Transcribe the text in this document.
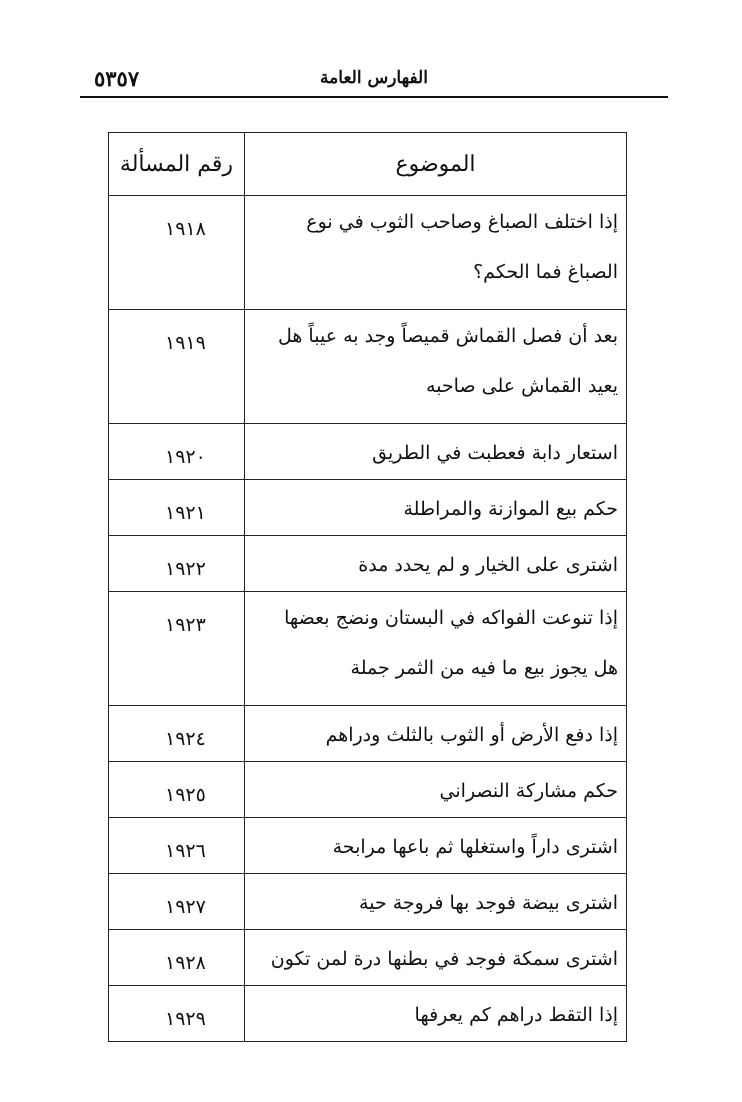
الفهارس العامة
٥٣٥٧
الموضوع	رقم المسألة

إذا اختلف الصباغ وصاحب الثوب في نوع
الصباغ فما الحكم؟	١٩١٨

بعد أن فصل القماش قميصاً وجد به عيباً هل
يعيد القماش على صاحبه	١٩١٩

استعار دابة فعطبت في الطريق	١٩٢٠

حكم بيع الموازنة والمراطلة	١٩٢١

اشترى على الخيار و لم يحدد مدة	١٩٢٢

إذا تنوعت الفواكه في البستان ونضج بعضها
هل يجوز بيع ما فيه من الثمر جملة	١٩٢٣

إذا دفع الأرض أو الثوب بالثلث ودراهم	١٩٢٤

حكم مشاركة النصراني	١٩٢٥

اشترى داراً واستغلها ثم باعها مرابحة	١٩٢٦

اشترى بيضة فوجد بها فروجة حية	١٩٢٧

اشترى سمكة فوجد في بطنها درة لمن تكون	١٩٢٨

إذا التقط دراهم كم يعرفها	١٩٢٩
